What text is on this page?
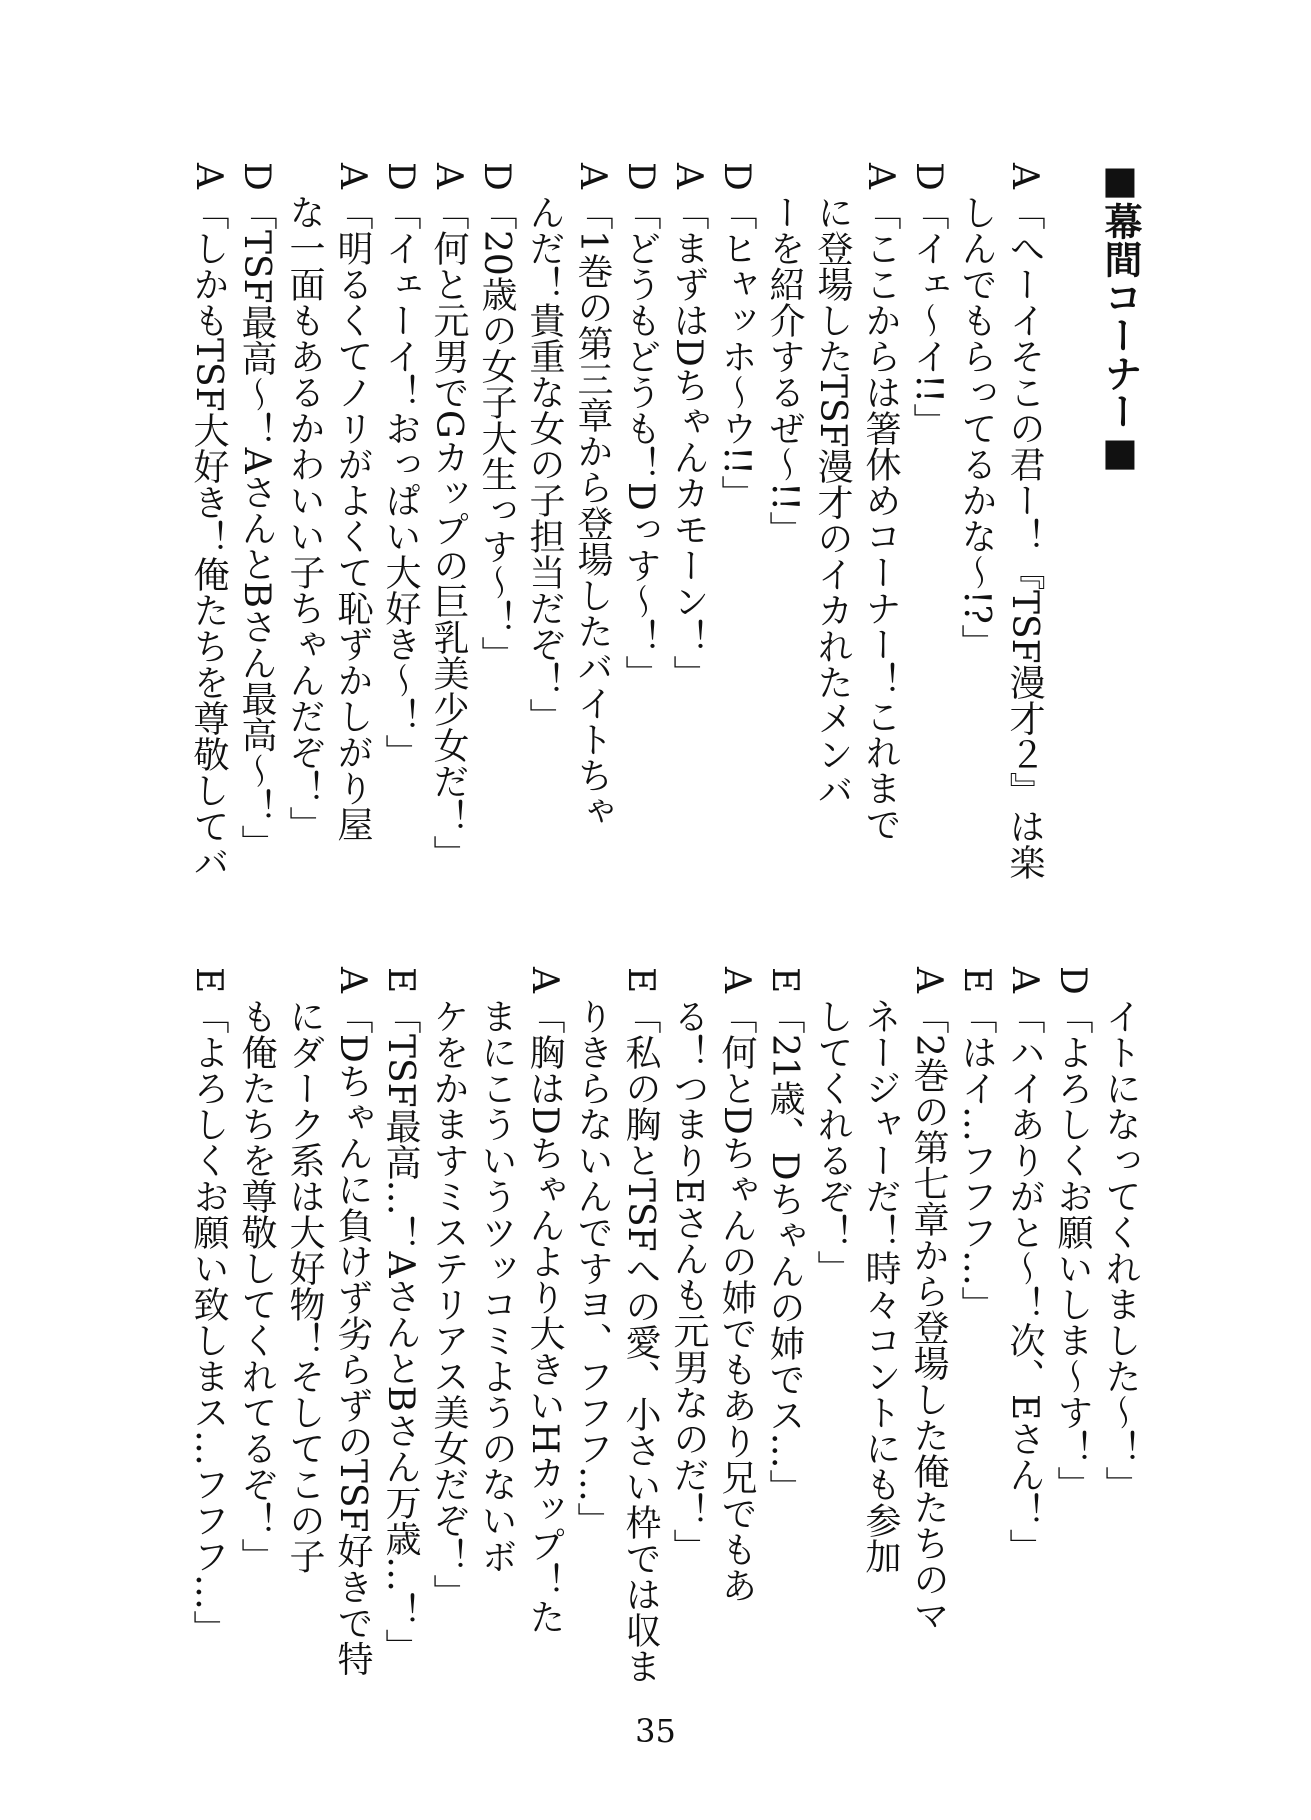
■幕間コーナー■
A「へーイそこの君ー！『TSF漫才２』は楽
しんでもらってるかな〜!?」
D「イェ〜イ!!」
A「ここからは箸休めコーナー！これまで
に登場したTSF漫才のイカれたメンバ
ーを紹介するぜ〜!!」
D「ヒャッホ〜ウ!!」
A「まずはDちゃんカモーン！」
D「どうもどうも！Dっす〜！」
A「1巻の第三章から登場したバイトちゃ
んだ！貴重な女の子担当だぞ！」
D「20歳の女子大生っす〜！」
A「何と元男でGカップの巨乳美少女だ！」
D「イェーイ！おっぱい大好き〜！」
A「明るくてノリがよくて恥ずかしがり屋
な一面もあるかわいい子ちゃんだぞ！」
D「TSF最高〜！AさんとBさん最高〜！」
A「しかもTSF大好き！俺たちを尊敬してバ
イトになってくれました〜！」
D「よろしくお願いしま〜す！」
A「ハイありがと〜！次、Eさん！」
E「はイ…フフフ…」
A「2巻の第七章から登場した俺たちのマ
ネージャーだ！時々コントにも参加
してくれるぞ！」
E「21歳、Dちゃんの姉でス…」
A「何とDちゃんの姉でもあり兄でもあ
る！つまりEさんも元男なのだ！」
E「私の胸とTSFへの愛、小さい枠では収ま
りきらないんですヨ、フフフ…」
A「胸はDちゃんより大きいHカップ！た
まにこういうツッコミようのないボ
ケをかますミステリアス美女だぞ！」
E「TSF最高…！AさんとBさん万歳…！」
A「Dちゃんに負けず劣らずのTSF好きで特
にダーク系は大好物！そしてこの子
も俺たちを尊敬してくれてるぞ！」
E「よろしくお願い致しまス…フフフ…」
35
